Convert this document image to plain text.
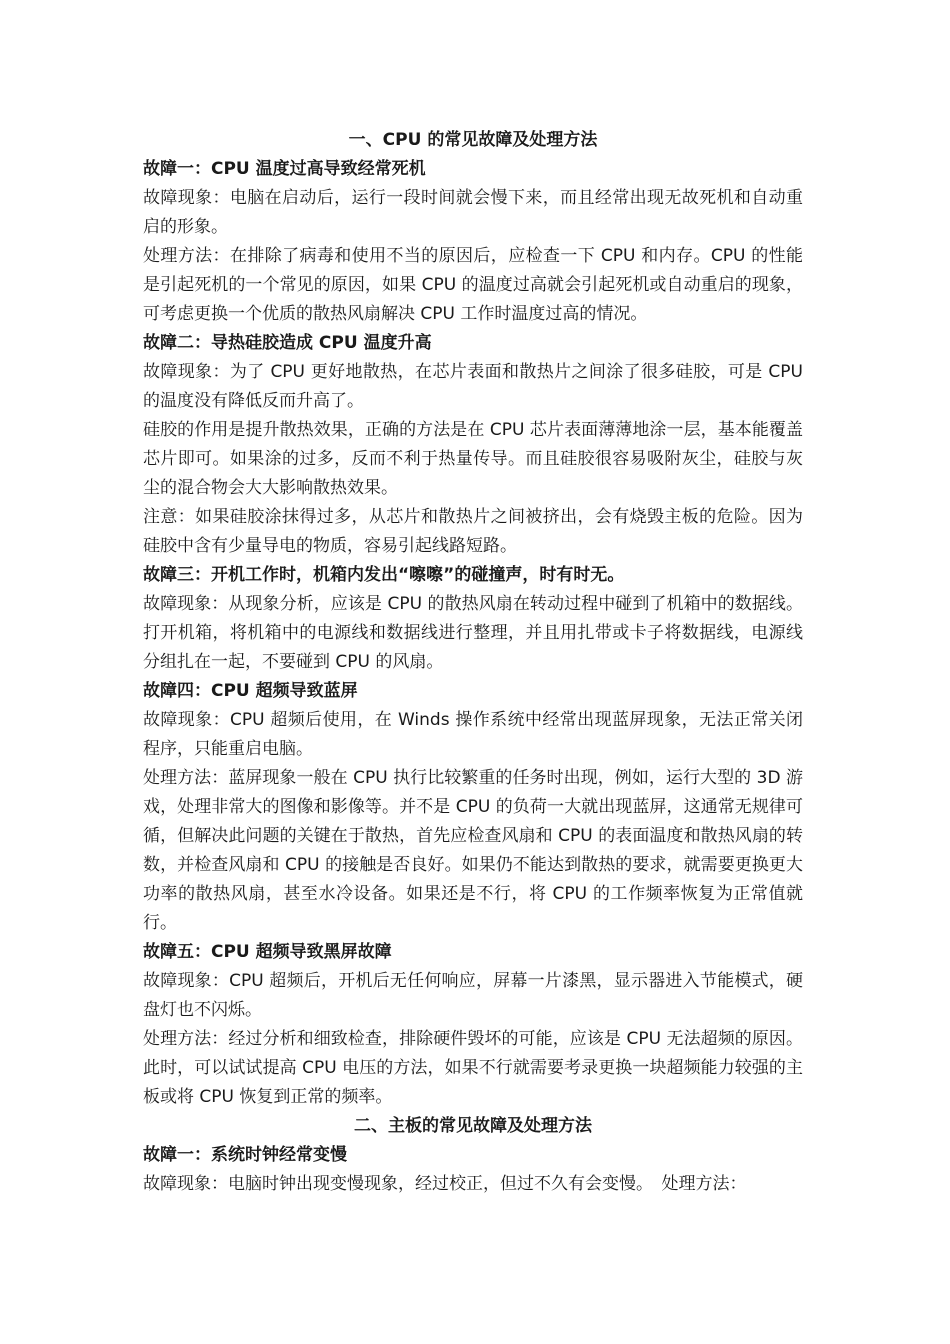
一、CPU 的常见故障及处理方法

故障一：CPU 温度过高导致经常死机

故障现象：电脑在启动后，运行一段时间就会慢下来，而且经常出现无故死机和自动重启的形象。

处理方法：在排除了病毒和使用不当的原因后，应检查一下 CPU 和内存。CPU 的性能是引起死机的一个常见的原因，如果 CPU 的温度过高就会引起死机或自动重启的现象，可考虑更换一个优质的散热风扇解决 CPU 工作时温度过高的情况。

故障二：导热硅胶造成 CPU 温度升高

故障现象：为了 CPU 更好地散热，在芯片表面和散热片之间涂了很多硅胶，可是 CPU 的温度没有降低反而升高了。

硅胶的作用是提升散热效果，正确的方法是在 CPU 芯片表面薄薄地涂一层，基本能覆盖芯片即可。如果涂的过多，反而不利于热量传导。而且硅胶很容易吸附灰尘，硅胶与灰尘的混合物会大大影响散热效果。

注意：如果硅胶涂抹得过多，从芯片和散热片之间被挤出，会有烧毁主板的危险。因为硅胶中含有少量导电的物质，容易引起线路短路。

故障三：开机工作时，机箱内发出“嚓嚓”的碰撞声，时有时无。

故障现象：从现象分析，应该是 CPU 的散热风扇在转动过程中碰到了机箱中的数据线。打开机箱，将机箱中的电源线和数据线进行整理，并且用扎带或卡子将数据线，电源线分组扎在一起，不要碰到 CPU 的风扇。

故障四：CPU 超频导致蓝屏

故障现象：CPU 超频后使用，在 Winds 操作系统中经常出现蓝屏现象，无法正常关闭程序，只能重启电脑。

处理方法：蓝屏现象一般在 CPU 执行比较繁重的任务时出现，例如，运行大型的 3D 游戏，处理非常大的图像和影像等。并不是 CPU 的负荷一大就出现蓝屏，这通常无规律可循，但解决此问题的关键在于散热，首先应检查风扇和 CPU 的表面温度和散热风扇的转数，并检查风扇和 CPU 的接触是否良好。如果仍不能达到散热的要求，就需要更换更大功率的散热风扇，甚至水冷设备。如果还是不行，将 CPU 的工作频率恢复为正常值就行。

故障五：CPU 超频导致黑屏故障

故障现象：CPU 超频后，开机后无任何响应，屏幕一片漆黑，显示器进入节能模式，硬盘灯也不闪烁。

处理方法：经过分析和细致检查，排除硬件毁坏的可能，应该是 CPU 无法超频的原因。此时，可以试试提高 CPU 电压的方法，如果不行就需要考录更换一块超频能力较强的主板或将 CPU 恢复到正常的频率。

二、主板的常见故障及处理方法

故障一：系统时钟经常变慢

故障现象：电脑时钟出现变慢现象，经过校正，但过不久有会变慢。　处理方法：
